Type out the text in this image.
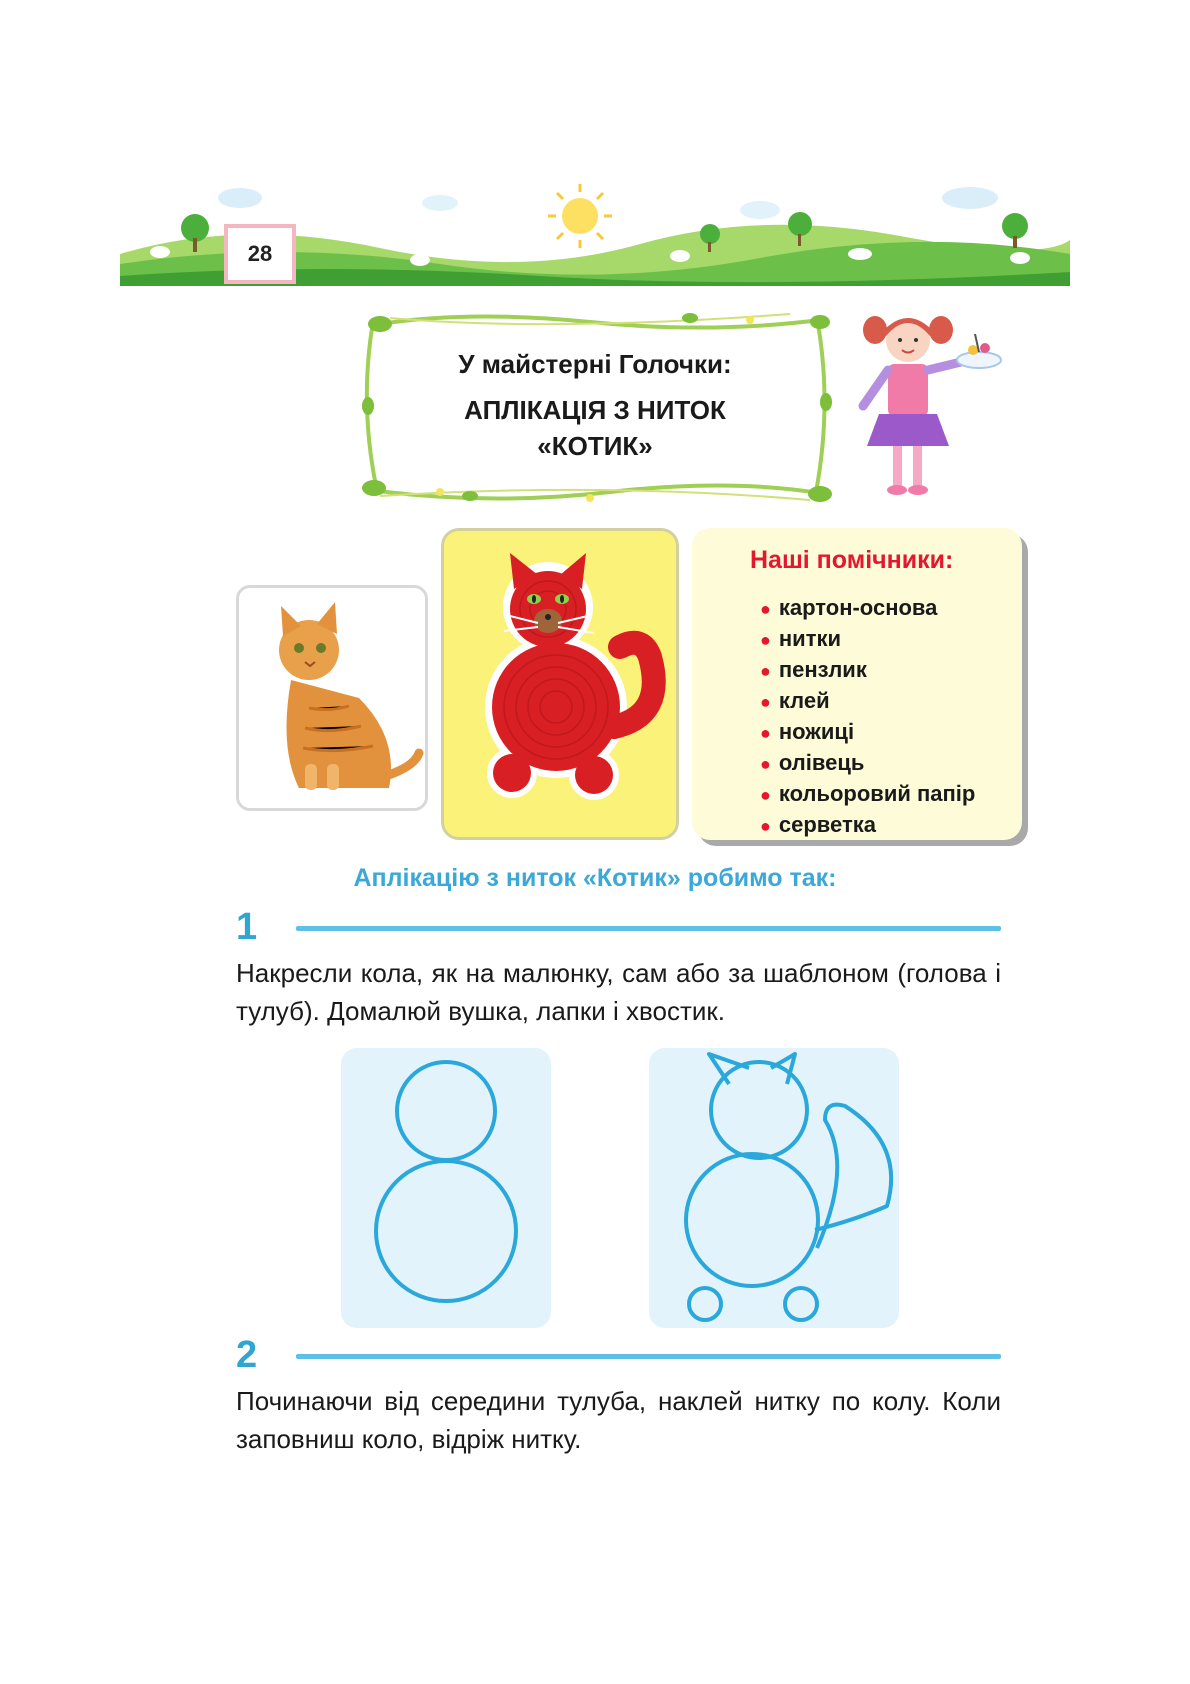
28
У майстерні Голочки:
АПЛІКАЦІЯ З НИТОК
«КОТИК»
Наші помічники:
● картон-основа
● нитки
● пензлик
● клей
● ножиці
● олівець
● кольоровий папір
● серветка
Аплікацію з ниток «Котик» робимо так:
1
Накресли кола, як на малюнку, сам або за шаблоном (голова і тулуб). Домалюй вушка, лапки і хвостик.
2
Починаючи від середини тулуба, наклей нитку по колу. Коли заповниш коло, відріж нитку.
